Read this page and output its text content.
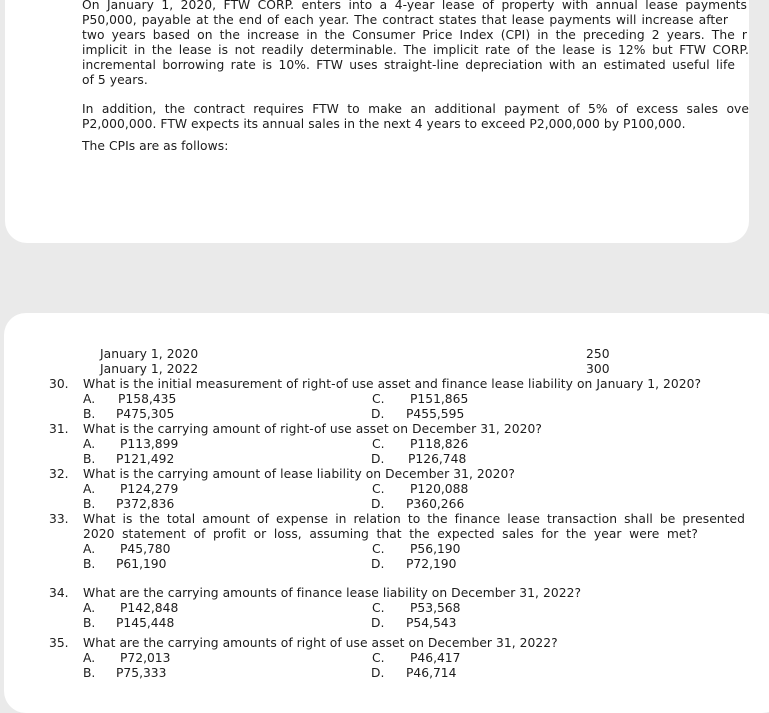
On January 1, 2020, FTW CORP. enters into a 4-year lease of property with annual lease payments
P50,000, payable at the end of each year. The contract states that lease payments will increase after
two years based on the increase in the Consumer Price Index (CPI) in the preceding 2 years. The r
implicit in the lease is not readily determinable. The implicit rate of the lease is 12% but FTW CORP.
incremental borrowing rate is 10%. FTW uses straight-line depreciation with an estimated useful life
of 5 years.
In addition, the contract requires FTW to make an additional payment of 5% of excess sales ove
P2,000,000. FTW expects its annual sales in the next 4 years to exceed P2,000,000 by P100,000.
The CPIs are as follows:
January 1, 2020	250
January 1, 2022	300
30. What is the initial measurement of right-of use asset and finance lease liability on January 1, 2020?
A. P158,435	C. P151,865
B. P475,305	D. P455,595
31. What is the carrying amount of right-of use asset on December 31, 2020?
A. P113,899	C. P118,826
B. P121,492	D. P126,748
32. What is the carrying amount of lease liability on December 31, 2020?
A. P124,279	C. P120,088
B. P372,836	D. P360,266
33. What is the total amount of expense in relation to the finance lease transaction shall be presented
2020 statement of profit or loss, assuming that the expected sales for the year were met?
A. P45,780	C. P56,190
B. P61,190	D. P72,190
34. What are the carrying amounts of finance lease liability on December 31, 2022?
A. P142,848	C. P53,568
B. P145,448	D. P54,543
35. What are the carrying amounts of right of use asset on December 31, 2022?
A. P72,013	C. P46,417
B. P75,333	D. P46,714
